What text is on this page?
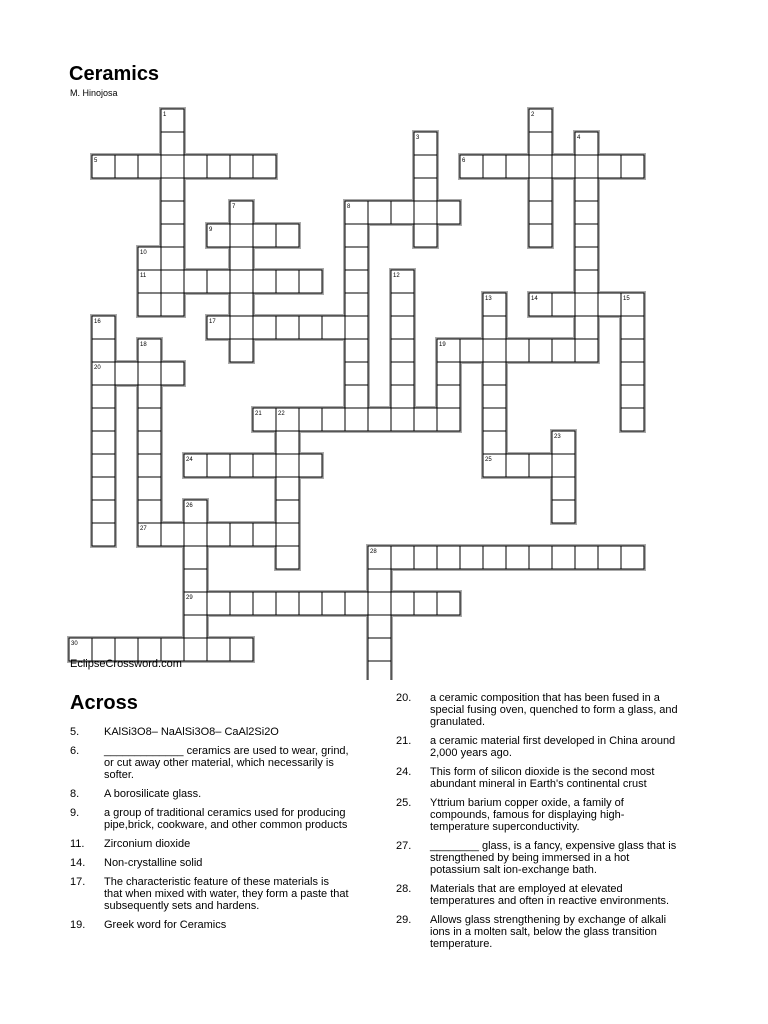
Ceramics
M. Hinojosa
1	2
3	4
5	6
7	8
9
10
11	12
13
25
14	15
16
20
17
18	19
21	22
23
24
26
29
27
28
30
EclipseCrossword.com
Across
5.	KAlSi3O8– NaAlSi3O8– CaAl2Si2O
6.	_____________ ceramics are used to wear, grind, or cut away other material, which necessarily is softer.
8.	A borosilicate glass.
9.	a group of traditional ceramics used for producing pipe,brick, cookware, and other common products
11.	Zirconium dioxide
14.	Non-crystalline solid
17.	The characteristic feature of these materials is that when mixed with water, they form a paste that subsequently sets and hardens.
19.	Greek word for Ceramics
20.	a ceramic composition that has been fused in a special fusing oven, quenched to form a glass, and granulated.
21.	a ceramic material first developed in China around 2,000 years ago.
24.	This form of silicon dioxide is the second most abundant mineral in Earth's continental crust
25.	Yttrium barium copper oxide, a family of compounds, famous for displaying high-temperature superconductivity.
27.	________ glass, is a fancy, expensive glass that is strengthened by being immersed in a hot potassium salt ion-exchange bath.
28.	Materials that are employed at elevated temperatures and often in reactive environments.
29.	Allows glass strengthening by exchange of alkali ions in a molten salt, below the glass transition temperature.
